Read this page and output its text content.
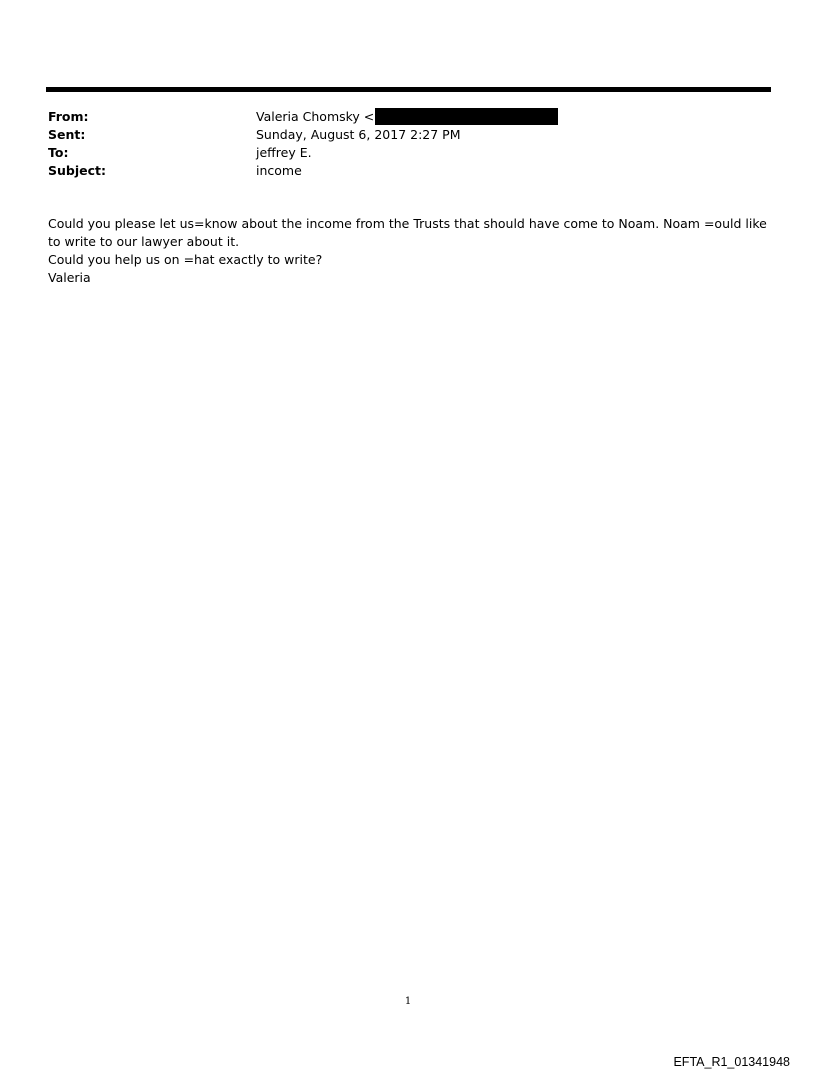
From:	Valeria Chomsky <
Sent:	Sunday, August 6, 2017 2:27 PM
To:	jeffrey E.
Subject:	income

Could you please let us=know about the income from the Trusts that should have come to Noam. Noam =ould like to write to our lawyer about it.

Could you help us on =hat exactly to write?

Valeria

1
EFTA_R1_01341948
